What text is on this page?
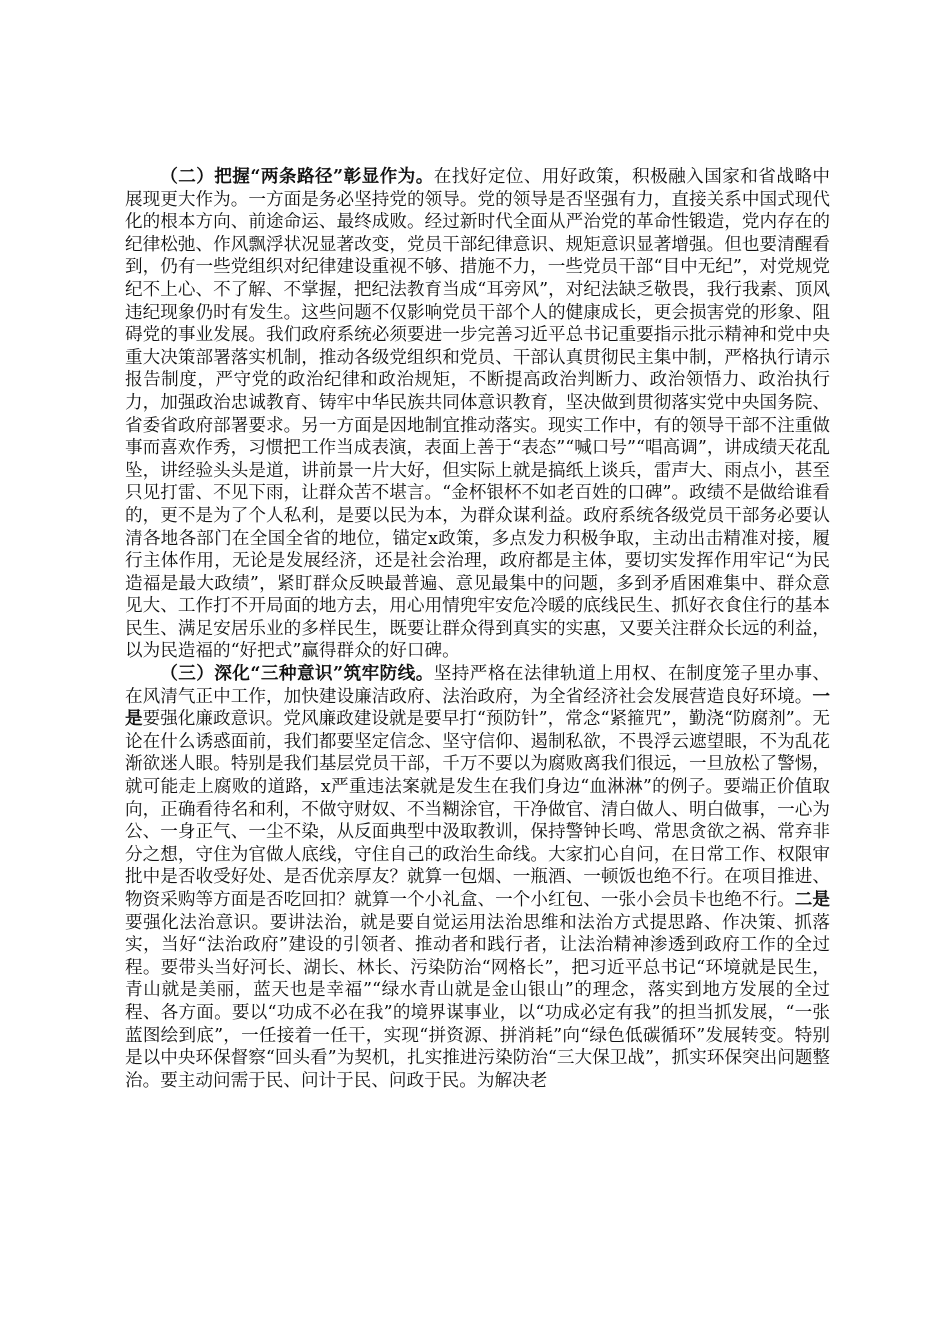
（二）把握“两条路径”彰显作为。在找好定位、用好政策，积极融入国家和省战略中展现更大作为。一方面是务必坚持党的领导。党的领导是否坚强有力，直接关系中国式现代化的根本方向、前途命运、最终成败。经过新时代全面从严治党的革命性锻造，党内存在的纪律松弛、作风飘浮状况显著改变，党员干部纪律意识、规矩意识显著增强。但也要清醒看到，仍有一些党组织对纪律建设重视不够、措施不力，一些党员干部“目中无纪”，对党规党纪不上心、不了解、不掌握，把纪法教育当成“耳旁风”，对纪法缺乏敬畏，我行我素、顶风违纪现象仍时有发生。这些问题不仅影响党员干部个人的健康成长，更会损害党的形象、阻碍党的事业发展。我们政府系统必须要进一步完善习近平总书记重要指示批示精神和党中央重大决策部署落实机制，推动各级党组织和党员、干部认真贯彻民主集中制，严格执行请示报告制度，严守党的政治纪律和政治规矩，不断提高政治判断力、政治领悟力、政治执行力，加强政治忠诚教育、铸牢中华民族共同体意识教育，坚决做到贯彻落实党中央国务院、省委省政府部署要求。另一方面是因地制宜推动落实。现实工作中，有的领导干部不注重做事而喜欢作秀，习惯把工作当成表演，表面上善于“表态”“喊口号”“唱高调”，讲成绩天花乱坠，讲经验头头是道，讲前景一片大好，但实际上就是搞纸上谈兵，雷声大、雨点小，甚至只见打雷、不见下雨，让群众苦不堪言。“金杯银杯不如老百姓的口碑”。政绩不是做给谁看的，更不是为了个人私利，是要以民为本，为群众谋利益。政府系统各级党员干部务必要认清各地各部门在全国全省的地位，锚定x政策，多点发力积极争取，主动出击精准对接，履行主体作用，无论是发展经济，还是社会治理，政府都是主体，要切实发挥作用牢记“为民造福是最大政绩”，紧盯群众反映最普遍、意见最集中的问题，多到矛盾困难集中、群众意见大、工作打不开局面的地方去，用心用情兜牢安危冷暖的底线民生、抓好衣食住行的基本民生、满足安居乐业的多样民生，既要让群众得到真实的实惠，又要关注群众长远的利益，以为民造福的“好把式”赢得群众的好口碑。

（三）深化“三种意识”筑牢防线。坚持严格在法律轨道上用权、在制度笼子里办事、在风清气正中工作，加快建设廉洁政府、法治政府，为全省经济社会发展营造良好环境。一是要强化廉政意识。党风廉政建设就是要早打“预防针”，常念“紧箍咒”，勤浇“防腐剂”。无论在什么诱惑面前，我们都要坚定信念、坚守信仰、遏制私欲，不畏浮云遮望眼，不为乱花渐欲迷人眼。特别是我们基层党员干部，千万不要以为腐败离我们很远，一旦放松了警惕，就可能走上腐败的道路，x严重违法案就是发生在我们身边“血淋淋”的例子。要端正价值取向，正确看待名和利，不做守财奴、不当糊涂官，干净做官、清白做人、明白做事，一心为公、一身正气、一尘不染，从反面典型中汲取教训，保持警钟长鸣、常思贪欲之祸、常弃非分之想，守住为官做人底线，守住自己的政治生命线。大家扪心自问，在日常工作、权限审批中是否收受好处、是否优亲厚友？就算一包烟、一瓶酒、一顿饭也绝不行。在项目推进、物资采购等方面是否吃回扣？就算一个小礼盒、一个小红包、一张小会员卡也绝不行。二是要强化法治意识。要讲法治，就是要自觉运用法治思维和法治方式提思路、作决策、抓落实，当好“法治政府”建设的引领者、推动者和践行者，让法治精神渗透到政府工作的全过程。要带头当好河长、湖长、林长、污染防治“网格长”，把习近平总书记“环境就是民生，青山就是美丽，蓝天也是幸福”“绿水青山就是金山银山”的理念，落实到地方发展的全过程、各方面。要以“功成不必在我”的境界谋事业，以“功成必定有我”的担当抓发展，“一张蓝图绘到底”，一任接着一任干，实现“拼资源、拼消耗”向“绿色低碳循环”发展转变。特别是以中央环保督察“回头看”为契机，扎实推进污染防治“三大保卫战”，抓实环保突出问题整治。要主动问需于民、问计于民、问政于民。为解决老
